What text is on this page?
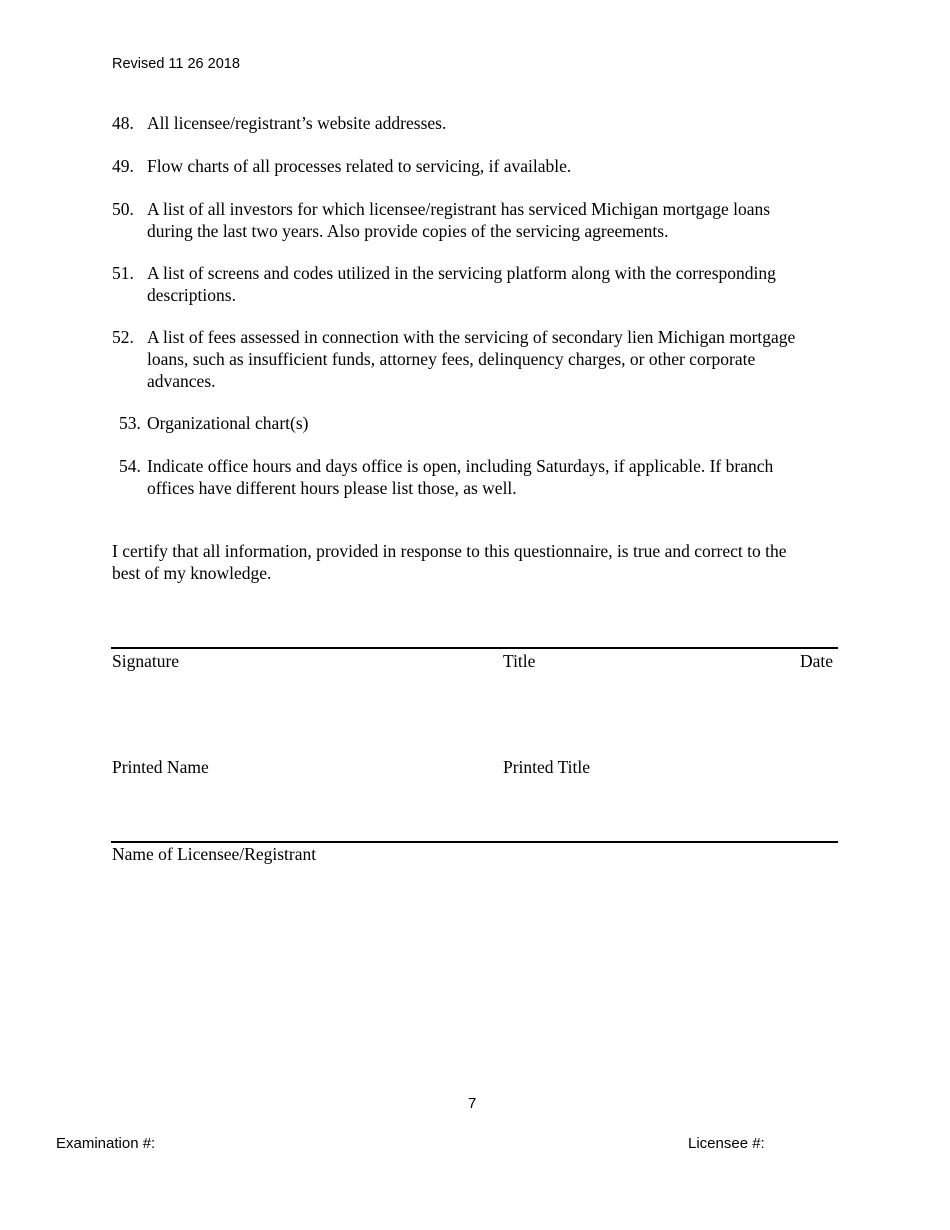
Revised 11 26 2018
48. All licensee/registrant’s website addresses.
49. Flow charts of all processes related to servicing, if available.
50. A list of all investors for which licensee/registrant has serviced Michigan mortgage loans
during the last two years. Also provide copies of the servicing agreements.
51. A list of screens and codes utilized in the servicing platform along with the corresponding
descriptions.
52. A list of fees assessed in connection with the servicing of secondary lien Michigan mortgage
loans, such as insufficient funds, attorney fees, delinquency charges, or other corporate
advances.
53. Organizational chart(s)
54. Indicate office hours and days office is open, including Saturdays, if applicable. If branch
offices have different hours please list those, as well.
I certify that all information, provided in response to this questionnaire, is true and correct to the
best of my knowledge.
Signature	Title	Date
Printed Name	Printed Title
Name of Licensee/Registrant
7
Examination #:	Licensee #:
